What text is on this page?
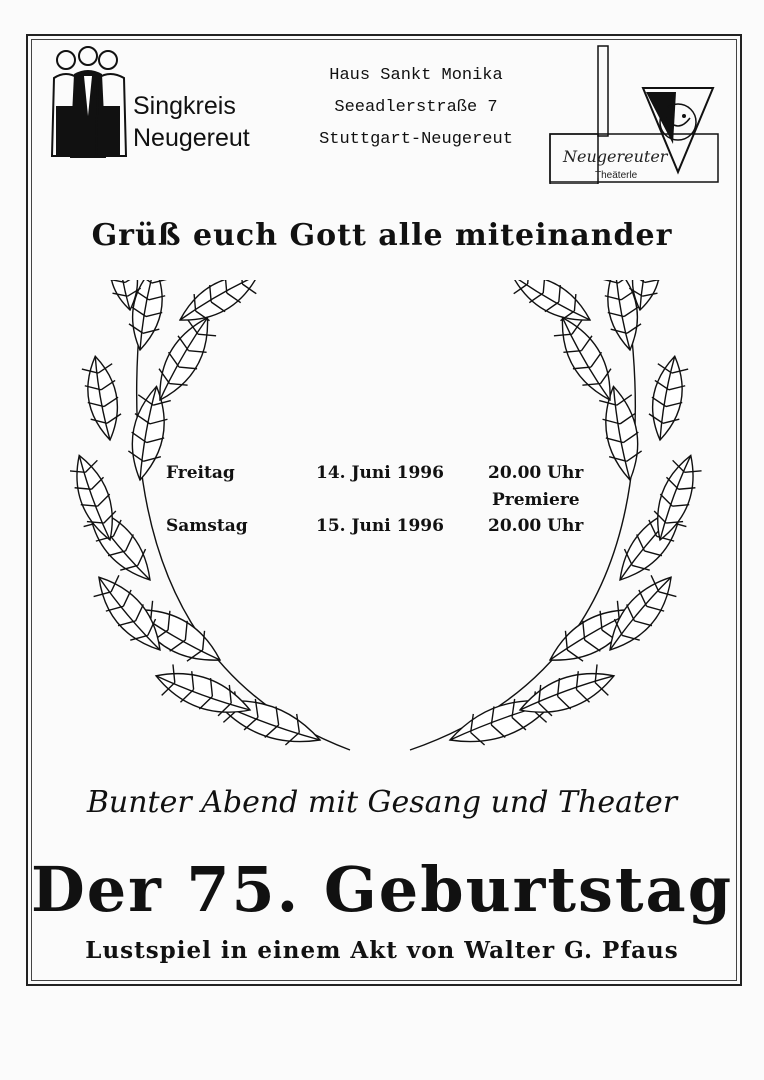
Singkreis
Neugereut
Haus Sankt Monika
Seeadlerstraße 7
Stuttgart-Neugereut
Neugereuter
Theäterle
Grüß euch Gott alle miteinander
Freitag	14. Juni 1996	20.00 Uhr
Premiere
Samstag	15. Juni 1996	20.00 Uhr
Bunter Abend mit Gesang und Theater
Der 75. Geburtstag
Lustspiel in einem Akt von Walter G. Pfaus
